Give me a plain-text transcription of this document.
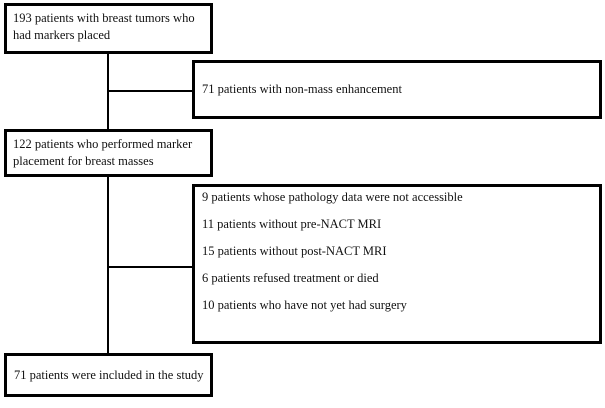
193 patients with breast tumors who had markers placed
71 patients with non-mass enhancement
122 patients who performed marker placement for breast masses

9 patients whose pathology data were not accessible

11 patients without pre-NACT MRI

15 patients without post-NACT MRI

6 patients refused treatment or died

10 patients who have not yet had surgery

71 patients were included in the study
